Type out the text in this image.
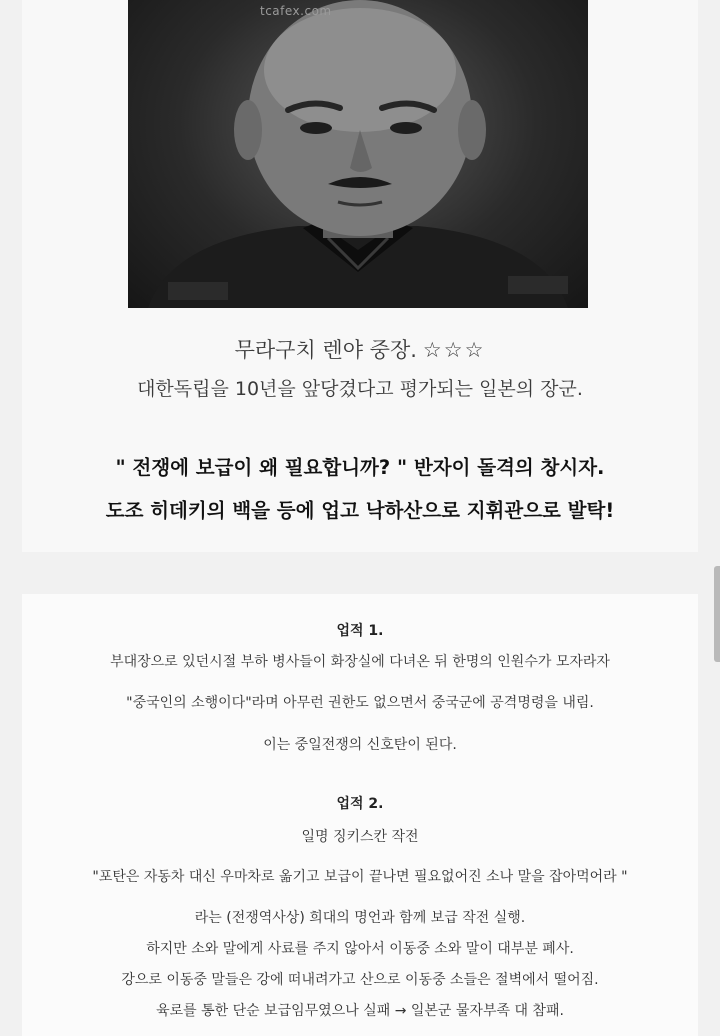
tcafex.com
무라구치 렌야 중장. ☆☆☆
대한독립을 10년을 앞당겼다고 평가되는 일본의 장군.
" 전쟁에 보급이 왜 필요합니까? " 반자이 돌격의 창시자.
도조 히데키의 백을 등에 업고 낙하산으로 지휘관으로 발탁!
업적 1.
부대장으로 있던시절 부하 병사들이 화장실에 다녀온 뒤 한명의 인원수가 모자라자
"중국인의 소행이다"라며 아무런 권한도 없으면서 중국군에 공격명령을 내림.
이는 중일전쟁의 신호탄이 된다.
업적 2.
일명 징키스칸 작전
"포탄은 자동차 대신 우마차로 옮기고 보급이 끝나면 필요없어진 소나 말을 잡아먹어라 "
라는 (전쟁역사상) 희대의 명언과 함께 보급 작전 실행.
하지만 소와 말에게 사료를 주지 않아서 이동중 소와 말이 대부분 폐사.
강으로 이동중 말들은 강에 떠내려가고 산으로 이동중 소들은 절벽에서 떨어짐.
육로를 통한 단순 보급임무였으나 실패 → 일본군 물자부족 대 참패.
